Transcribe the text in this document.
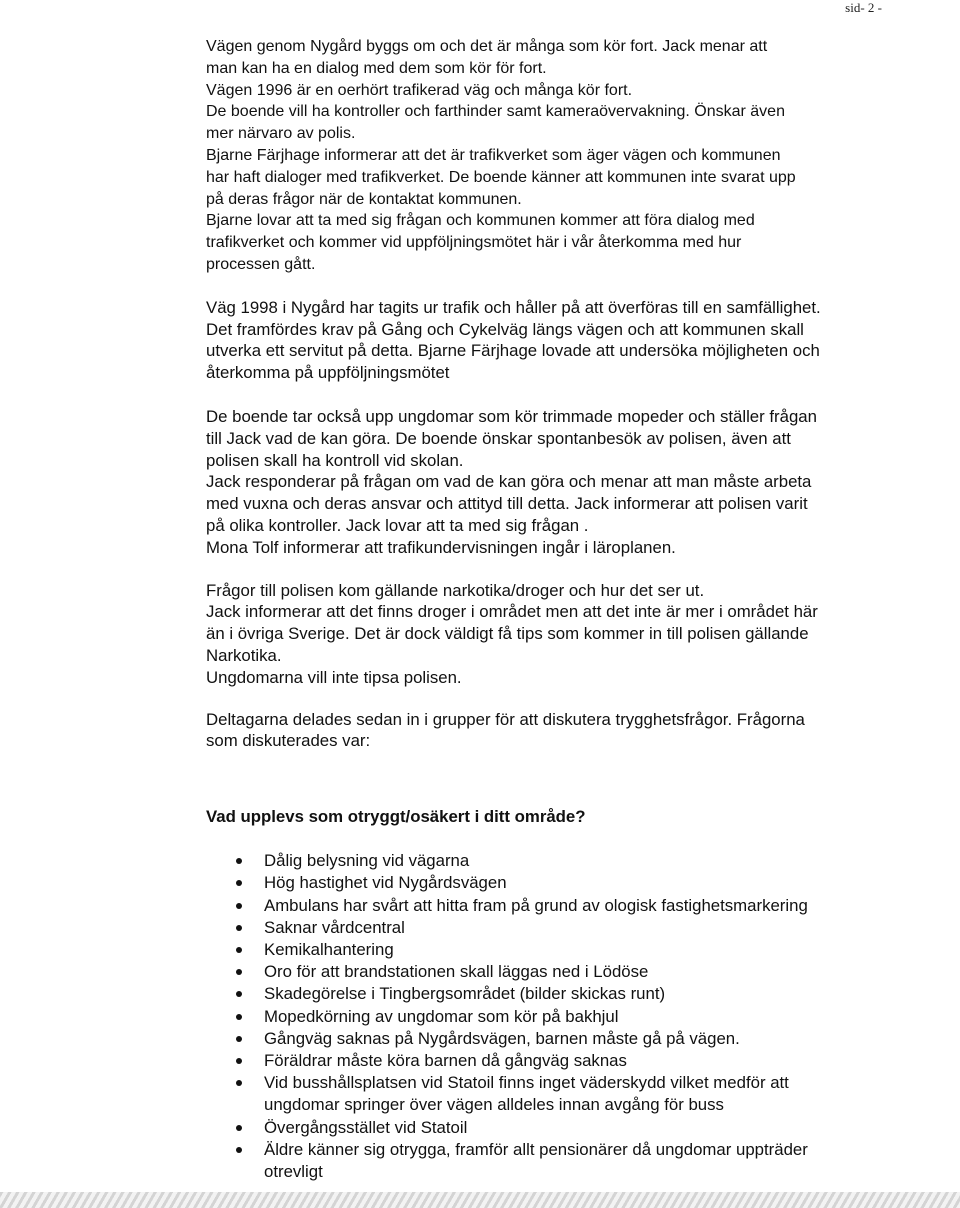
sid- 2 -
Vägen genom Nygård byggs om och det är många som kör fort. Jack menar att
man kan ha en dialog med dem som kör för fort.
Vägen 1996 är en oerhört trafikerad väg och många kör fort.
De boende vill ha kontroller och farthinder samt kameraövervakning. Önskar även
mer närvaro av polis.
Bjarne Färjhage informerar att det är trafikverket som äger vägen och kommunen
har haft dialoger med trafikverket. De boende känner att kommunen inte svarat upp
på deras frågor när de kontaktat kommunen.
Bjarne lovar att ta med sig frågan och kommunen kommer att föra dialog med
trafikverket och kommer vid uppföljningsmötet här i vår återkomma med hur
processen gått.
Väg 1998 i Nygård har tagits ur trafik och håller på att överföras till en samfällighet.
Det framfördes krav på Gång och Cykelväg längs vägen och att kommunen skall
utverka ett servitut på detta. Bjarne Färjhage lovade att undersöka möjligheten och
återkomma på uppföljningsmötet
De boende tar också upp ungdomar som kör trimmade mopeder och ställer frågan
till Jack vad de kan göra. De boende önskar spontanbesök av polisen, även att
polisen skall ha kontroll vid skolan.
Jack responderar på frågan om vad de kan göra och menar att man måste arbeta
med vuxna och deras ansvar och attityd till detta. Jack informerar att polisen varit
på olika kontroller. Jack lovar att ta med sig frågan .
Mona Tolf informerar att trafikundervisningen ingår i läroplanen.
Frågor till polisen kom gällande narkotika/droger och hur det ser ut.
Jack informerar att det finns droger i området men att det inte är mer i området här
än i övriga Sverige. Det är dock väldigt få tips som kommer in till polisen gällande
Narkotika.
Ungdomarna vill inte tipsa polisen.
Deltagarna delades sedan in i grupper för att diskutera trygghetsfrågor. Frågorna
som diskuterades var:
Vad upplevs som otryggt/osäkert i ditt område?
Dålig belysning vid vägarna
Hög hastighet vid Nygårdsvägen
Ambulans har svårt att hitta fram på grund av ologisk fastighetsmarkering
Saknar vårdcentral
Kemikalhantering
Oro för att brandstationen skall läggas ned i Lödöse
Skadegörelse i Tingbergsområdet (bilder skickas runt)
Mopedkörning av ungdomar som kör på bakhjul
Gångväg saknas på Nygårdsvägen, barnen måste gå på vägen.
Föräldrar måste köra barnen då gångväg saknas
Vid busshållsplatsen vid Statoil finns inget väderskydd vilket medför att
ungdomar springer över vägen alldeles innan avgång för buss
Övergångsstället vid Statoil
Äldre känner sig otrygga, framför allt pensionärer då ungdomar uppträder
otrevligt
